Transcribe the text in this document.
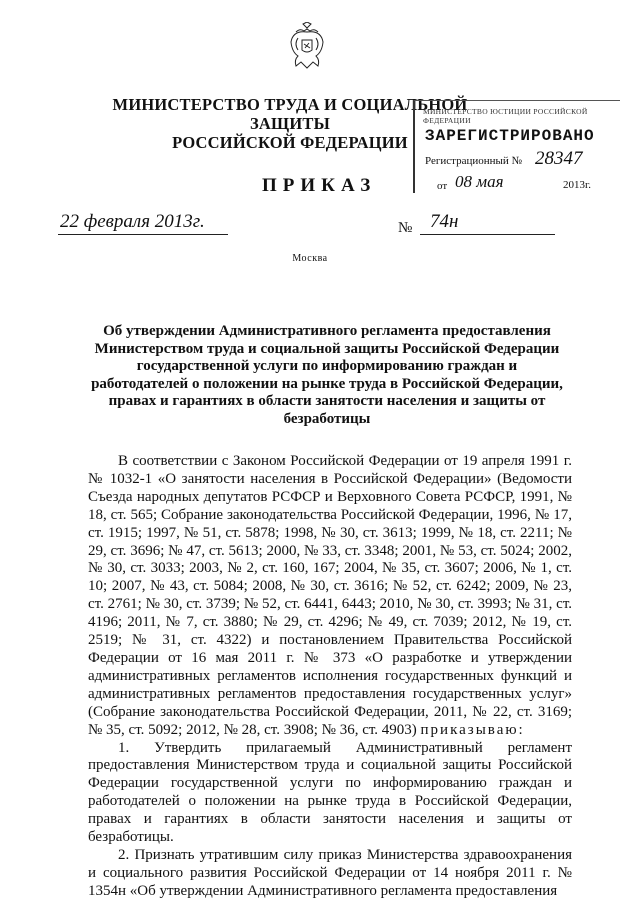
МИНИСТЕРСТВО ТРУДА И СОЦИАЛЬНОЙ ЗАЩИТЫ
РОССИЙСКОЙ ФЕДЕРАЦИИ
МИНИСТЕРСТВО ЮСТИЦИИ РОССИЙСКОЙ ФЕДЕРАЦИИ
ЗАРЕГИСТРИРОВАНО
Регистрационный № 28347
от 08 мая	2013г.
ПРИКАЗ
22 февраля 2013г.	№ 74н
Москва
Об утверждении Административного регламента предоставления Министерством труда и социальной защиты Российской Федерации государственной услуги по информированию граждан и работодателей о положении на рынке труда в Российской Федерации, правах и гарантиях в области занятости населения и защиты от безработицы

В соответствии с Законом Российской Федерации от 19 апреля 1991 г. № 1032-1 «О занятости населения в Российской Федерации» (Ведомости Съезда народных депутатов РСФСР и Верховного Совета РСФСР, 1991, № 18, ст. 565; Собрание законодательства Российской Федерации, 1996, № 17, ст. 1915; 1997, № 51, ст. 5878; 1998, № 30, ст. 3613; 1999, № 18, ст. 2211; № 29, ст. 3696; № 47, ст. 5613; 2000, № 33, ст. 3348; 2001, № 53, ст. 5024; 2002, № 30, ст. 3033; 2003, № 2, ст. 160, 167; 2004, № 35, ст. 3607; 2006, № 1, ст. 10; 2007, № 43, ст. 5084; 2008, № 30, ст. 3616; № 52, ст. 6242; 2009, № 23, ст. 2761; № 30, ст. 3739; № 52, ст. 6441, 6443; 2010, № 30, ст. 3993; № 31, ст. 4196; 2011, № 7, ст. 3880; № 29, ст. 4296; № 49, ст. 7039; 2012, № 19, ст. 2519; № 31, ст. 4322) и постановлением Правительства Российской Федерации от 16 мая 2011 г. № 373 «О разработке и утверждении административных регламентов исполнения государственных функций и административных регламентов предоставления государственных услуг» (Собрание законодательства Российской Федерации, 2011, № 22, ст. 3169; № 35, ст. 5092; 2012, № 28, ст. 3908; № 36, ст. 4903) приказываю:

1. Утвердить прилагаемый Административный регламент предоставления Министерством труда и социальной защиты Российской Федерации государственной услуги по информированию граждан и работодателей о положении на рынке труда в Российской Федерации, правах и гарантиях в области занятости населения и защиты от безработицы.

2. Признать утратившим силу приказ Министерства здравоохранения и социального развития Российской Федерации от 14 ноября 2011 г. № 1354н «Об утверждении Административного регламента предоставления
